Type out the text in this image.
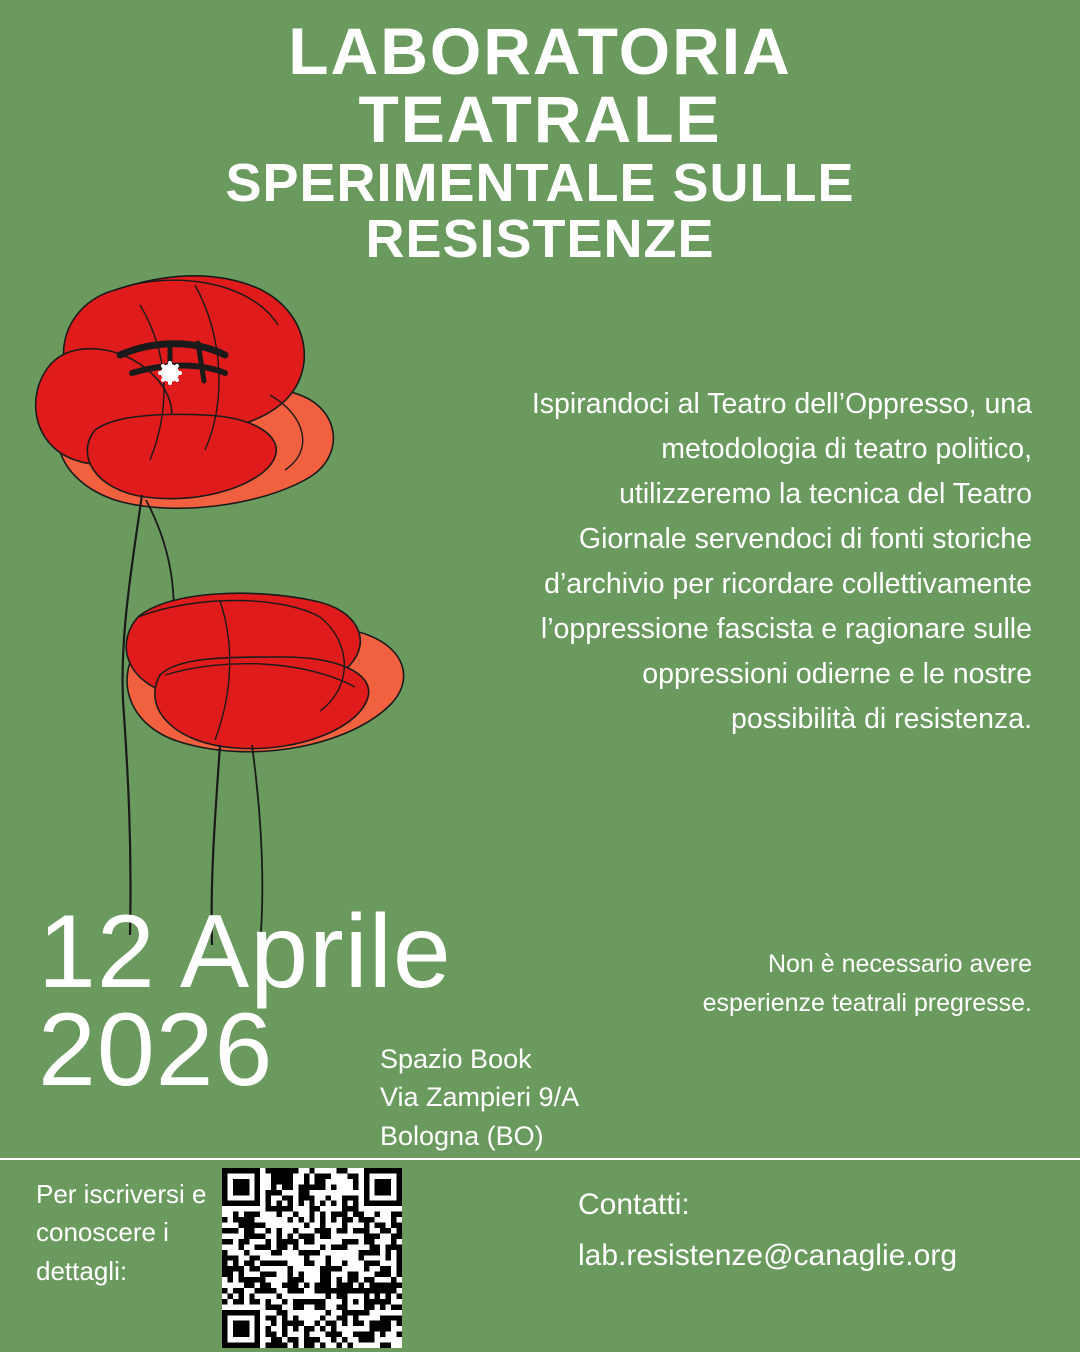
LABORATORIA
TEATRALE
SPERIMENTALE SULLE
RESISTENZE
Ispirandoci al Teatro dell’Oppresso, una metodologia di teatro politico, utilizzeremo la tecnica del Teatro Giornale servendoci di fonti storiche d’archivio per ricordare collettivamente l’oppressione fascista e ragionare sulle oppressioni odierne e le nostre possibilità di resistenza.
Non è necessario avere esperienze teatrali pregresse.
12 Aprile
2026	Spazio Book
Via Zampieri 9/A
Bologna (BO)
Per iscriversi e conoscere i dettagli:
Contatti:
lab.resistenze@canaglie.org
